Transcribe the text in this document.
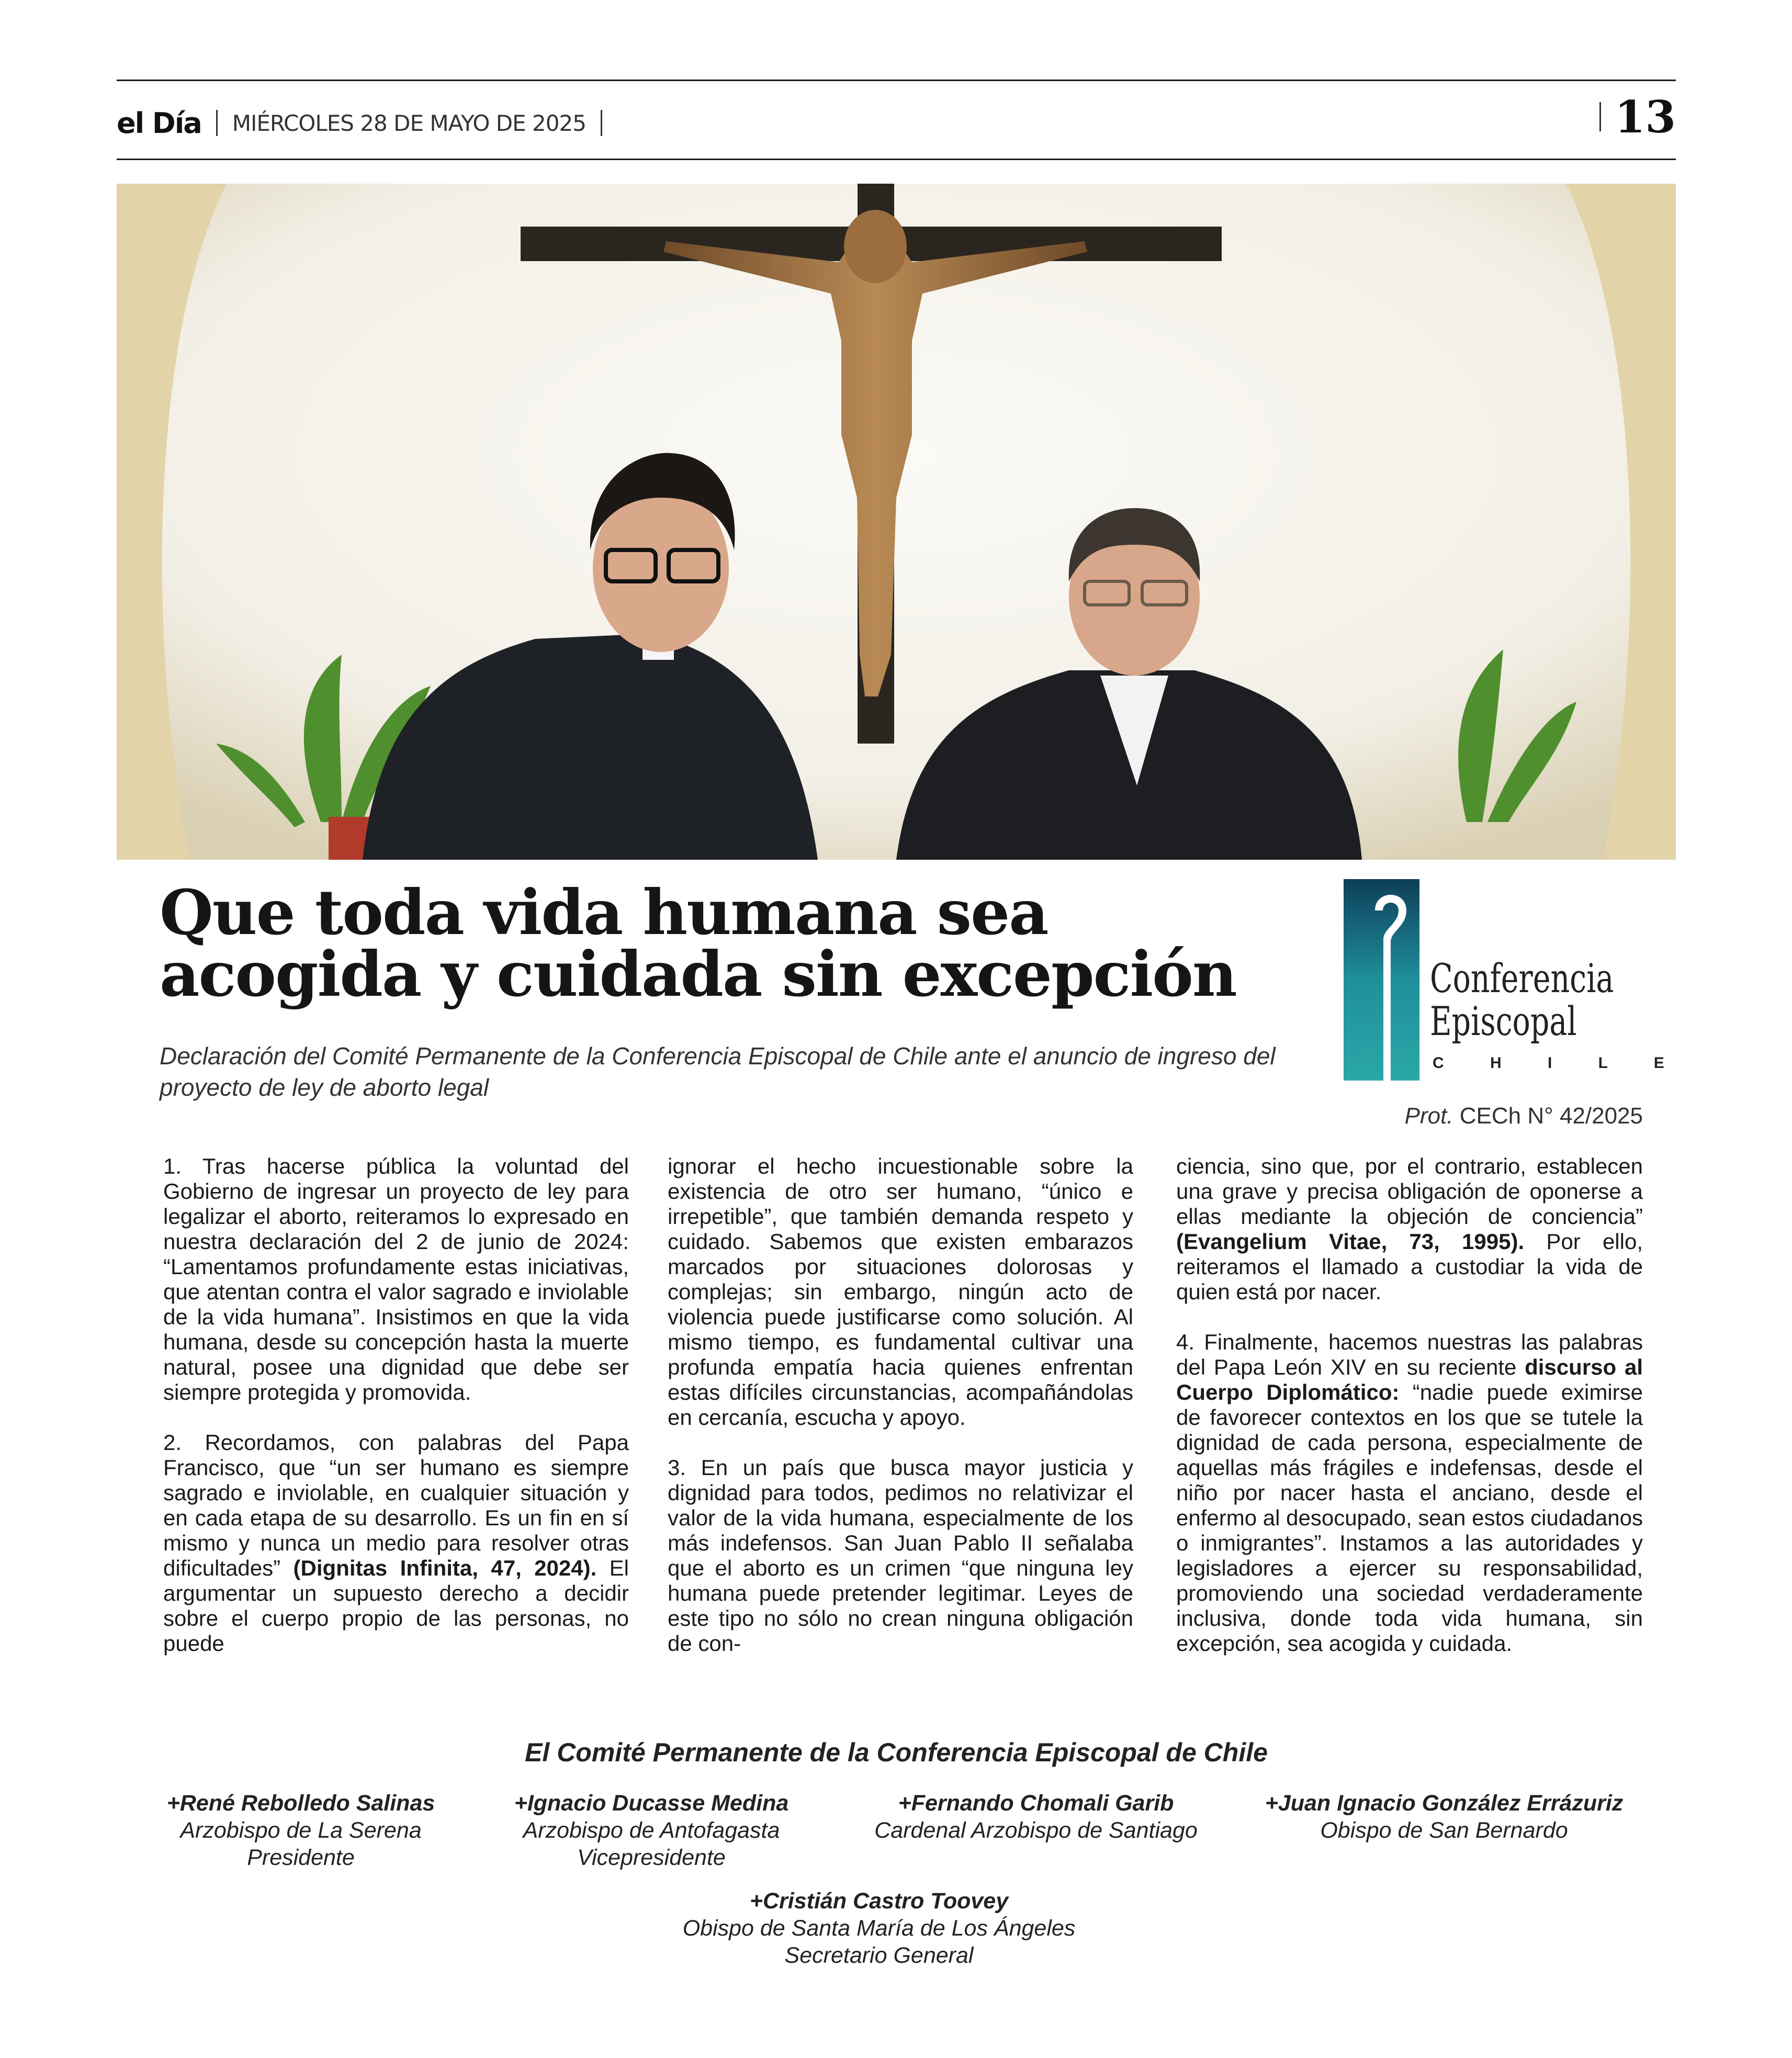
el Día MIÉRCOLES 28 DE MAYO DE 2025	13
Que toda vida humana sea acogida y cuidada sin excepción

Declaración del Comité Permanente de la Conferencia Episcopal de Chile ante el anuncio de ingreso del proyecto de ley de aborto legal

Conferencia
Episcopal
C H I L E
Prot. CECh N° 42/2025

1. Tras hacerse pública la voluntad del Gobierno de ingresar un proyecto de ley para legalizar el aborto, reiteramos lo expresado en nuestra declaración del 2 de junio de 2024: “Lamentamos profundamente estas iniciativas, que atentan contra el valor sagrado e inviolable de la vida humana”. Insistimos en que la vida humana, desde su concepción hasta la muerte natural, posee una dignidad que debe ser siempre protegida y promovida.

2. Recordamos, con palabras del Papa Francisco, que “un ser humano es siempre sagrado e inviolable, en cualquier situación y en cada etapa de su desarrollo. Es un fin en sí mismo y nunca un medio para resolver otras dificultades” (Dignitas Infinita, 47, 2024). El argumentar un supuesto derecho a decidir sobre el cuerpo propio de las personas, no puede

ignorar el hecho incuestionable sobre la existencia de otro ser humano, “único e irrepetible”, que también demanda respeto y cuidado. Sabemos que existen embarazos marcados por situaciones dolorosas y complejas; sin embargo, ningún acto de violencia puede justificarse como solución. Al mismo tiempo, es fundamental cultivar una profunda empatía hacia quienes enfrentan estas difíciles circunstancias, acompañándolas en cercanía, escucha y apoyo.

3. En un país que busca mayor justicia y dignidad para todos, pedimos no relativizar el valor de la vida humana, especialmente de los más indefensos. San Juan Pablo II señalaba que el aborto es un crimen “que ninguna ley humana puede pretender legitimar. Leyes de este tipo no sólo no crean ninguna obligación de con-

ciencia, sino que, por el contrario, establecen una grave y precisa obligación de oponerse a ellas mediante la objeción de conciencia” (Evangelium Vitae, 73, 1995). Por ello, reiteramos el llamado a custodiar la vida de quien está por nacer.

4. Finalmente, hacemos nuestras las palabras del Papa León XIV en su reciente discurso al Cuerpo Diplomático: “nadie puede eximirse de favorecer contextos en los que se tutele la dignidad de cada persona, especialmente de aquellas más frágiles e indefensas, desde el niño por nacer hasta el anciano, desde el enfermo al desocupado, sean estos ciudadanos o inmigrantes”. Instamos a las autoridades y legisladores a ejercer su responsabilidad, promoviendo una sociedad verdaderamente inclusiva, donde toda vida humana, sin excepción, sea acogida y cuidada.

El Comité Permanente de la Conferencia Episcopal de Chile
+René Rebolledo Salinas
Arzobispo de La Serena
Presidente
+Ignacio Ducasse Medina
Arzobispo de Antofagasta
Vicepresidente
+Fernando Chomali Garib
Cardenal Arzobispo de Santiago
+Juan Ignacio González Errázuriz
Obispo de San Bernardo
+Cristián Castro Toovey
Obispo de Santa María de Los Ángeles
Secretario General
